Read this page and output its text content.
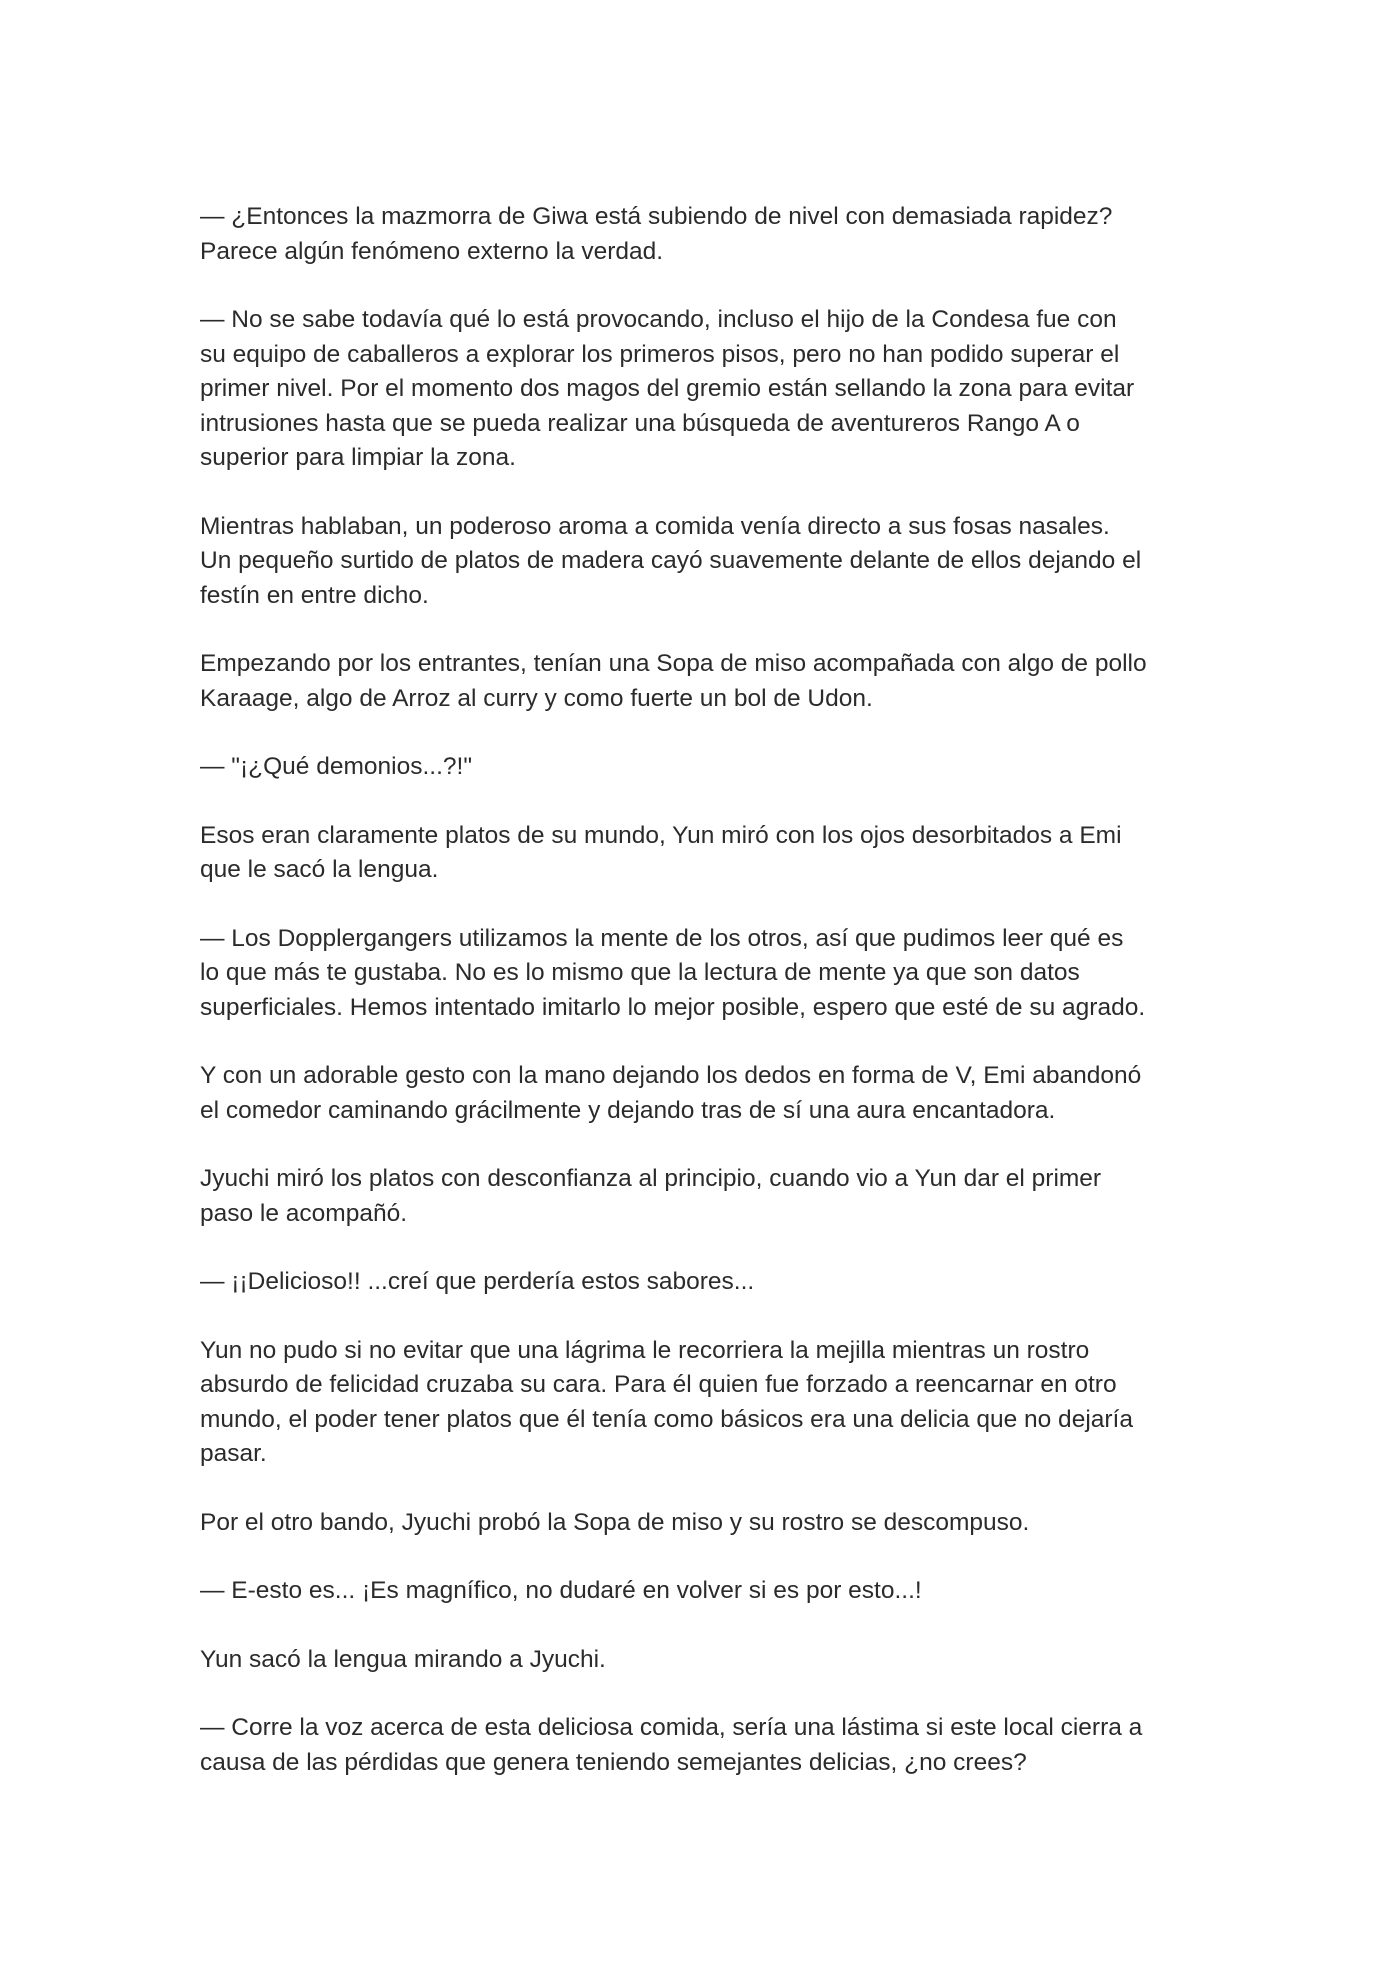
— ¿Entonces la mazmorra de Giwa está subiendo de nivel con demasiada rapidez?
Parece algún fenómeno externo la verdad.

— No se sabe todavía qué lo está provocando, incluso el hijo de la Condesa fue con
su equipo de caballeros a explorar los primeros pisos, pero no han podido superar el
primer nivel. Por el momento dos magos del gremio están sellando la zona para evitar
intrusiones hasta que se pueda realizar una búsqueda de aventureros Rango A o
superior para limpiar la zona.

Mientras hablaban, un poderoso aroma a comida venía directo a sus fosas nasales.
Un pequeño surtido de platos de madera cayó suavemente delante de ellos dejando el
festín en entre dicho.

Empezando por los entrantes, tenían una Sopa de miso acompañada con algo de pollo
Karaage, algo de Arroz al curry y como fuerte un bol de Udon.

— "¡¿Qué demonios...?!"

Esos eran claramente platos de su mundo, Yun miró con los ojos desorbitados a Emi
que le sacó la lengua.

— Los Dopplergangers utilizamos la mente de los otros, así que pudimos leer qué es
lo que más te gustaba. No es lo mismo que la lectura de mente ya que son datos
superficiales. Hemos intentado imitarlo lo mejor posible, espero que esté de su agrado.

Y con un adorable gesto con la mano dejando los dedos en forma de V, Emi abandonó
el comedor caminando grácilmente y dejando tras de sí una aura encantadora.

Jyuchi miró los platos con desconfianza al principio, cuando vio a Yun dar el primer
paso le acompañó.

— ¡¡Delicioso!! ...creí que perdería estos sabores...

Yun no pudo si no evitar que una lágrima le recorriera la mejilla mientras un rostro
absurdo de felicidad cruzaba su cara. Para él quien fue forzado a reencarnar en otro
mundo, el poder tener platos que él tenía como básicos era una delicia que no dejaría
pasar.

Por el otro bando, Jyuchi probó la Sopa de miso y su rostro se descompuso.

— E-esto es... ¡Es magnífico, no dudaré en volver si es por esto...!

Yun sacó la lengua mirando a Jyuchi.

— Corre la voz acerca de esta deliciosa comida, sería una lástima si este local cierra a
causa de las pérdidas que genera teniendo semejantes delicias, ¿no crees?
